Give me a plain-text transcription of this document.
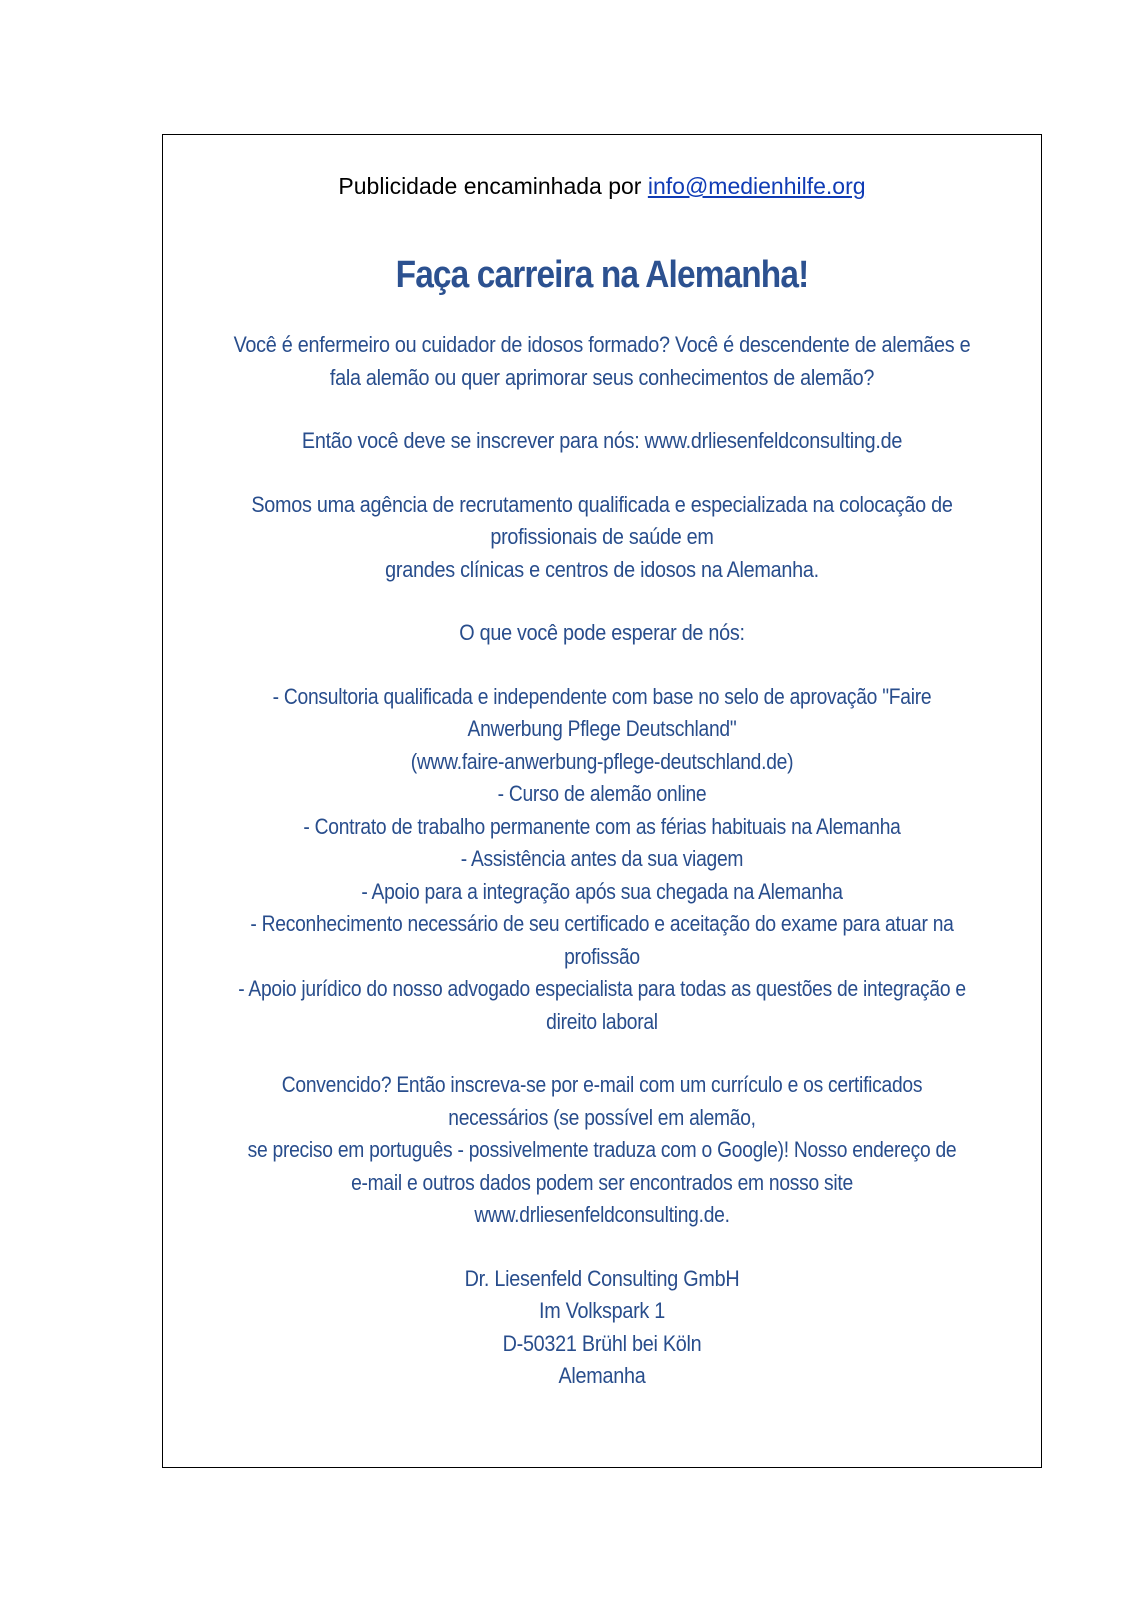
Publicidade encaminhada por info@medienhilfe.org
Faça carreira na Alemanha!
Você é enfermeiro ou cuidador de idosos formado? Você é descendente de alemães e
fala alemão ou quer aprimorar seus conhecimentos de alemão?
Então você deve se inscrever para nós: www.drliesenfeldconsulting.de
Somos uma agência de recrutamento qualificada e especializada na colocação de
profissionais de saúde em
grandes clínicas e centros de idosos na Alemanha.
O que você pode esperar de nós:
- Consultoria qualificada e independente com base no selo de aprovação "Faire
Anwerbung Pflege Deutschland"
(www.faire-anwerbung-pflege-deutschland.de)
- Curso de alemão online
- Contrato de trabalho permanente com as férias habituais na Alemanha
- Assistência antes da sua viagem
- Apoio para a integração após sua chegada na Alemanha
- Reconhecimento necessário de seu certificado e aceitação do exame para atuar na
profissão
- Apoio jurídico do nosso advogado especialista para todas as questões de integração e
direito laboral
Convencido? Então inscreva-se por e-mail com um currículo e os certificados
necessários (se possível em alemão,
se preciso em português - possivelmente traduza com o Google)! Nosso endereço de
e-mail e outros dados podem ser encontrados em nosso site
www.drliesenfeldconsulting.de.
Dr. Liesenfeld Consulting GmbH
Im Volkspark 1
D-50321 Brühl bei Köln
Alemanha
